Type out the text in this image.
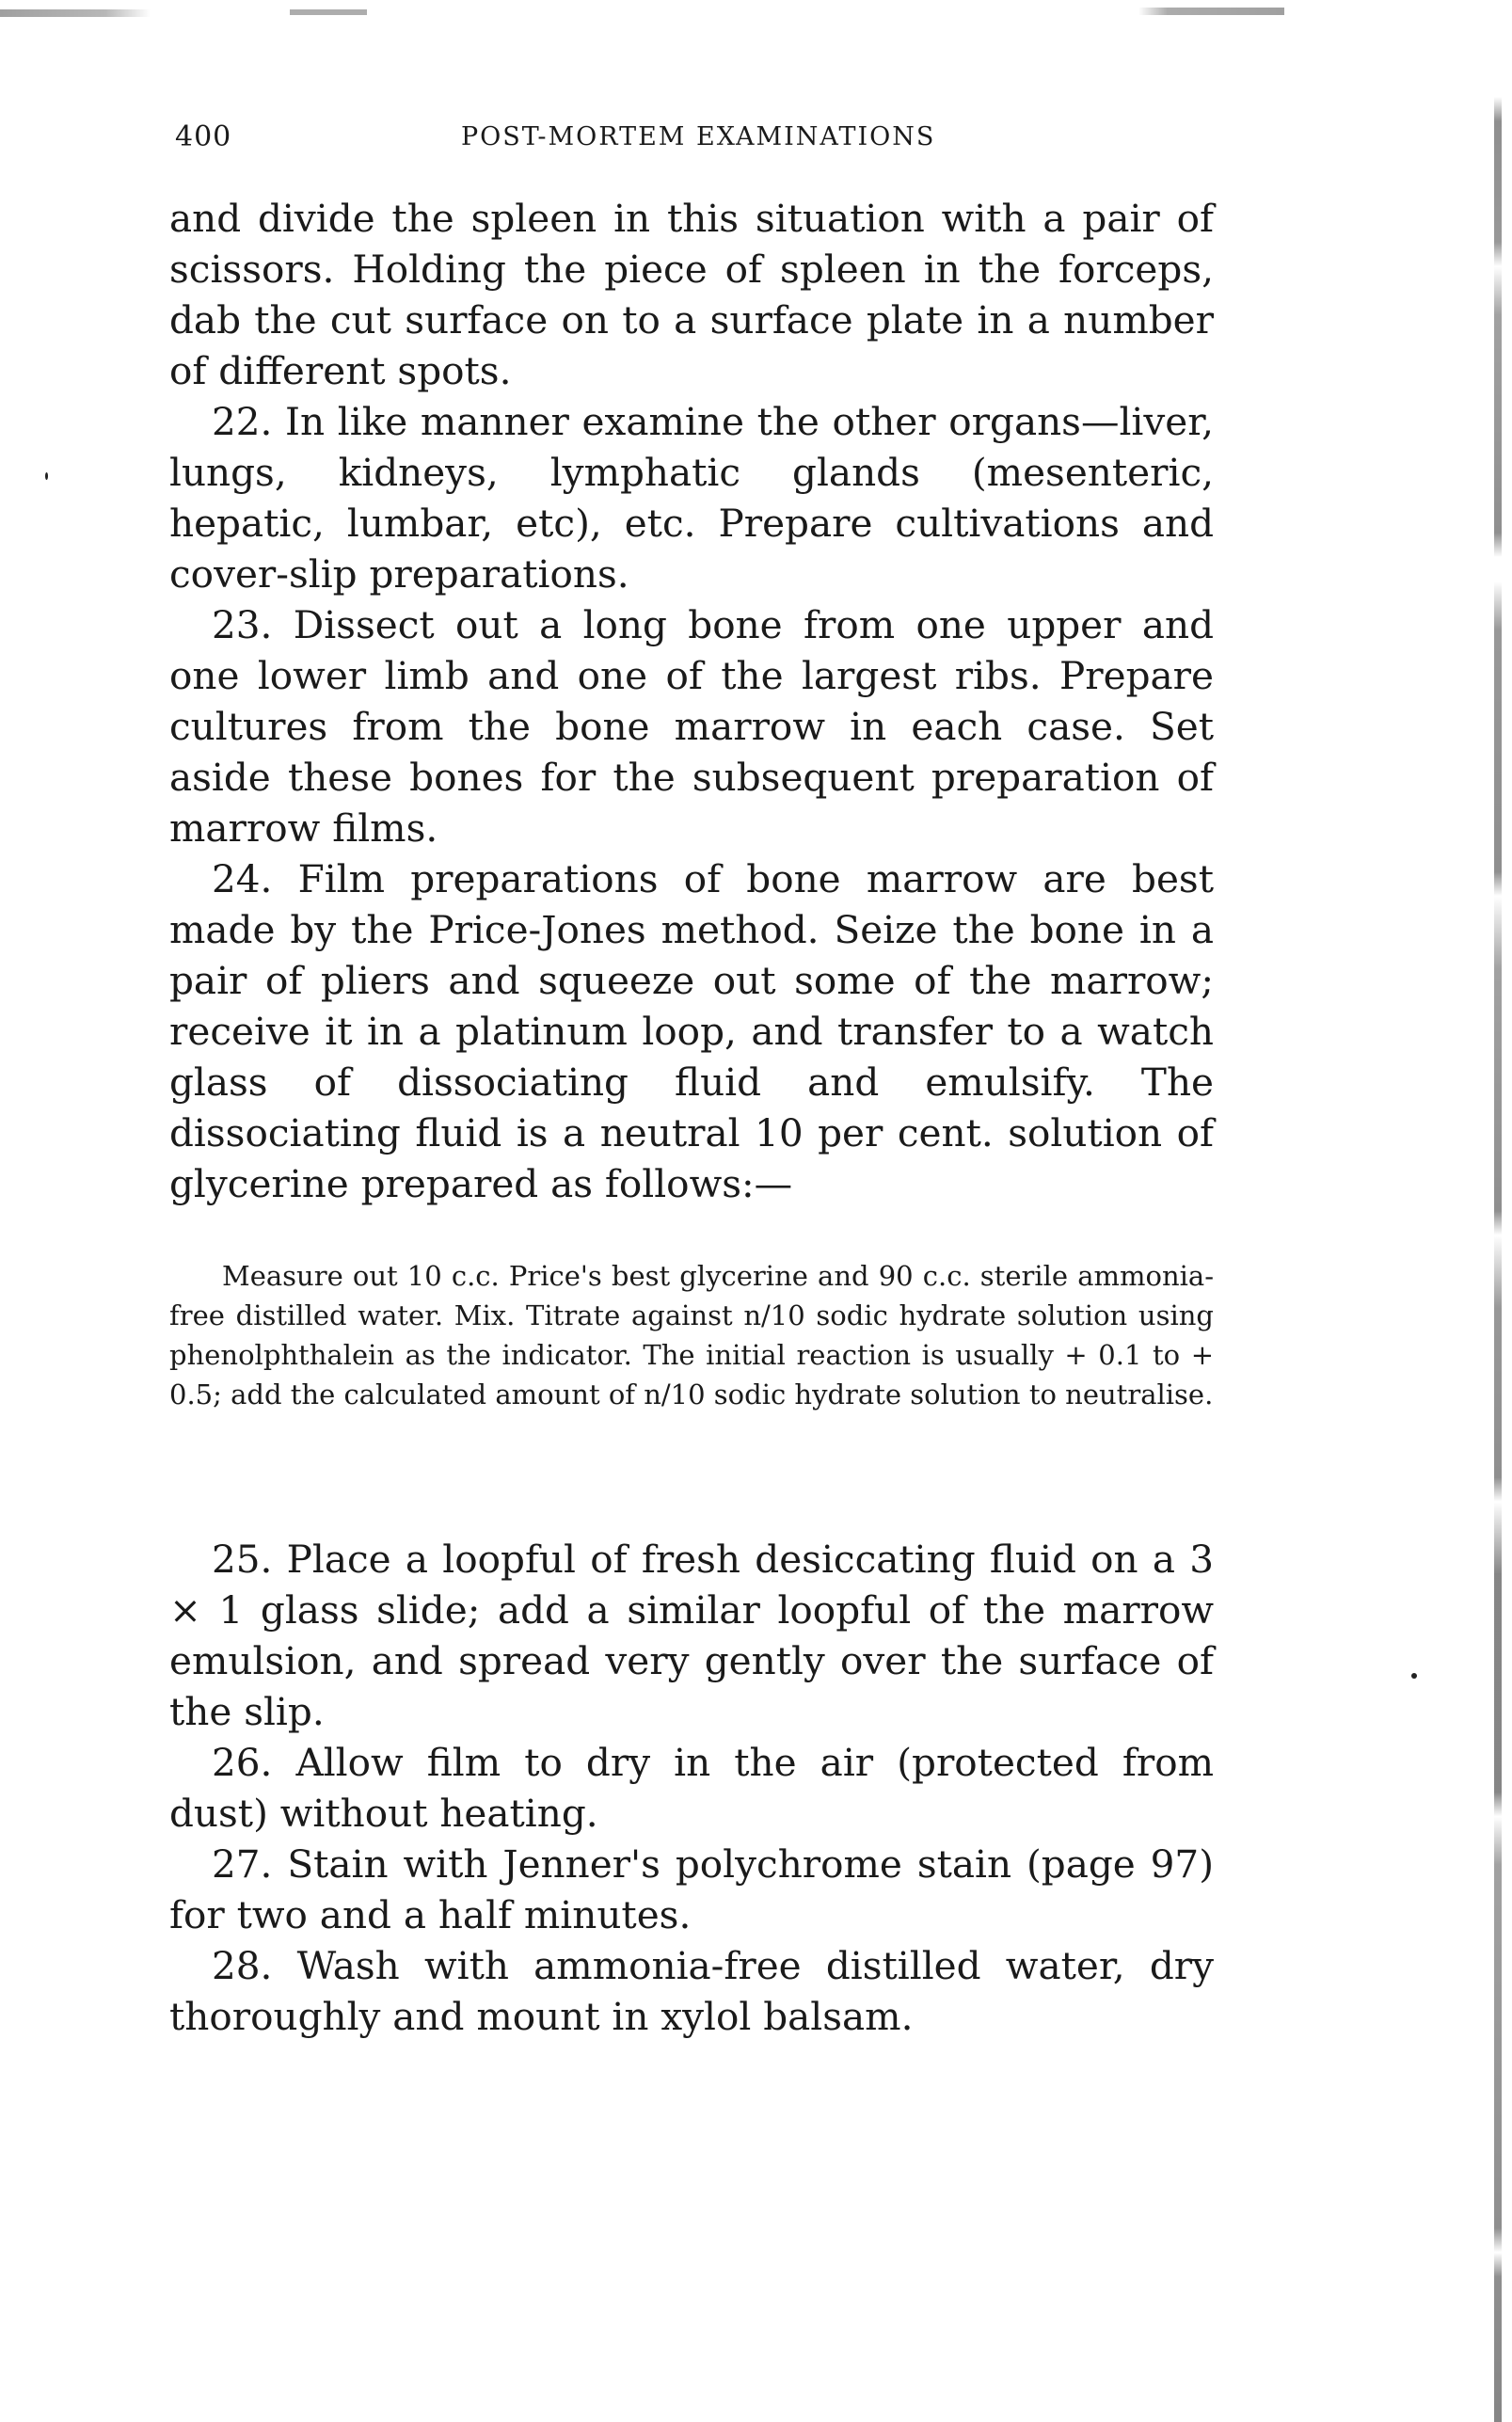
400	POST-MORTEM EXAMINATIONS

and divide the spleen in this situation with a pair of scissors. Holding the piece of spleen in the forceps, dab the cut surface on to a surface plate in a number of different spots.

22. In like manner examine the other organs—liver, lungs, kidneys, lymphatic glands (mesenteric, hepatic, lumbar, etc), etc. Prepare cultivations and cover-slip preparations.

23. Dissect out a long bone from one upper and one lower limb and one of the largest ribs. Prepare cultures from the bone marrow in each case. Set aside these bones for the subsequent preparation of marrow films.

24. Film preparations of bone marrow are best made by the Price-Jones method. Seize the bone in a pair of pliers and squeeze out some of the marrow; receive it in a platinum loop, and transfer to a watch glass of dissociating fluid and emulsify. The dissociating fluid is a neutral 10 per cent. solution of glycerine prepared as follows:—

Measure out 10 c.c. Price's best glycerine and 90 c.c. sterile ammonia-free distilled water. Mix. Titrate against n/10 sodic hydrate solution using phenolphthalein as the indicator. The initial reaction is usually + 0.1 to + 0.5; add the calculated amount of n/10 sodic hydrate solution to neutralise.

25. Place a loopful of fresh desiccating fluid on a 3 × 1 glass slide; add a similar loopful of the marrow emulsion, and spread very gently over the surface of the slip.

26. Allow film to dry in the air (protected from dust) without heating.

27. Stain with Jenner's polychrome stain (page 97) for two and a half minutes.

28. Wash with ammonia-free distilled water, dry thoroughly and mount in xylol balsam.
